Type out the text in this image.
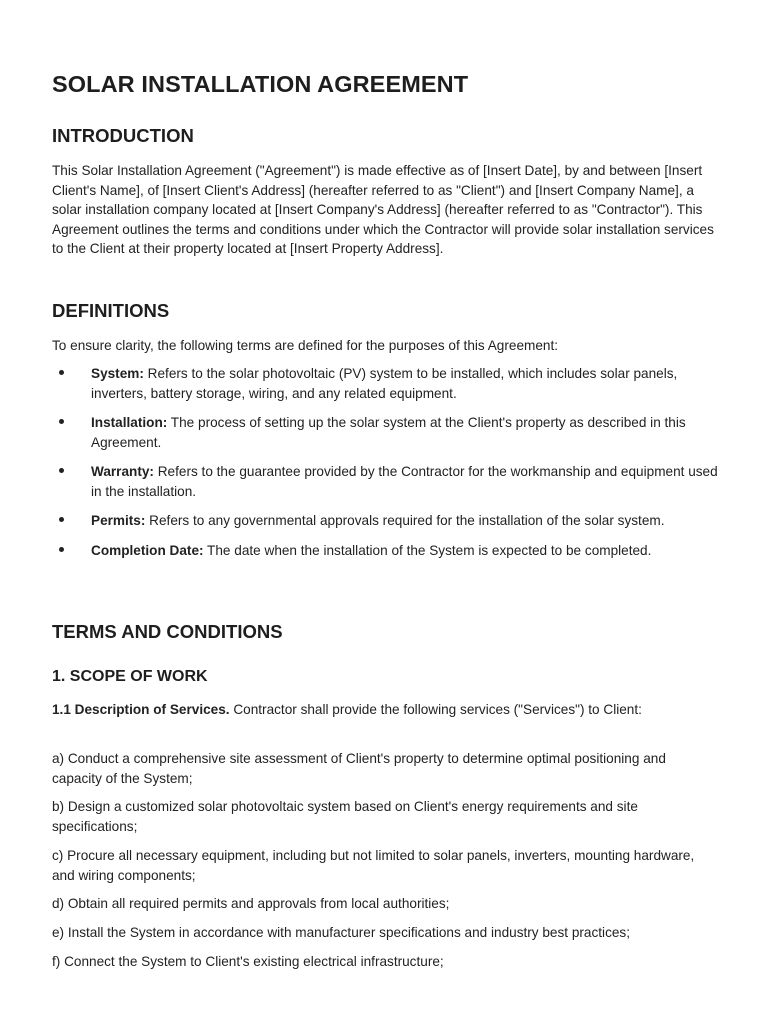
SOLAR INSTALLATION AGREEMENT
INTRODUCTION

This Solar Installation Agreement ("Agreement") is made effective as of [Insert Date], by and between [Insert Client's Name], of [Insert Client's Address] (hereafter referred to as "Client") and [Insert Company Name], a solar installation company located at [Insert Company's Address] (hereafter referred to as "Contractor"). This Agreement outlines the terms and conditions under which the Contractor will provide solar installation services to the Client at their property located at [Insert Property Address].

DEFINITIONS

To ensure clarity, the following terms are defined for the purposes of this Agreement:

System: Refers to the solar photovoltaic (PV) system to be installed, which includes solar panels, inverters, battery storage, wiring, and any related equipment.
Installation: The process of setting up the solar system at the Client's property as described in this Agreement.
Warranty: Refers to the guarantee provided by the Contractor for the workmanship and equipment used in the installation.
Permits: Refers to any governmental approvals required for the installation of the solar system.
Completion Date: The date when the installation of the System is expected to be completed.
TERMS AND CONDITIONS
1. SCOPE OF WORK

1.1 Description of Services. Contractor shall provide the following services ("Services") to Client:

a) Conduct a comprehensive site assessment of Client's property to determine optimal positioning and capacity of the System;

b) Design a customized solar photovoltaic system based on Client's energy requirements and site specifications;

c) Procure all necessary equipment, including but not limited to solar panels, inverters, mounting hardware, and wiring components;

d) Obtain all required permits and approvals from local authorities;

e) Install the System in accordance with manufacturer specifications and industry best practices;

f) Connect the System to Client's existing electrical infrastructure;
